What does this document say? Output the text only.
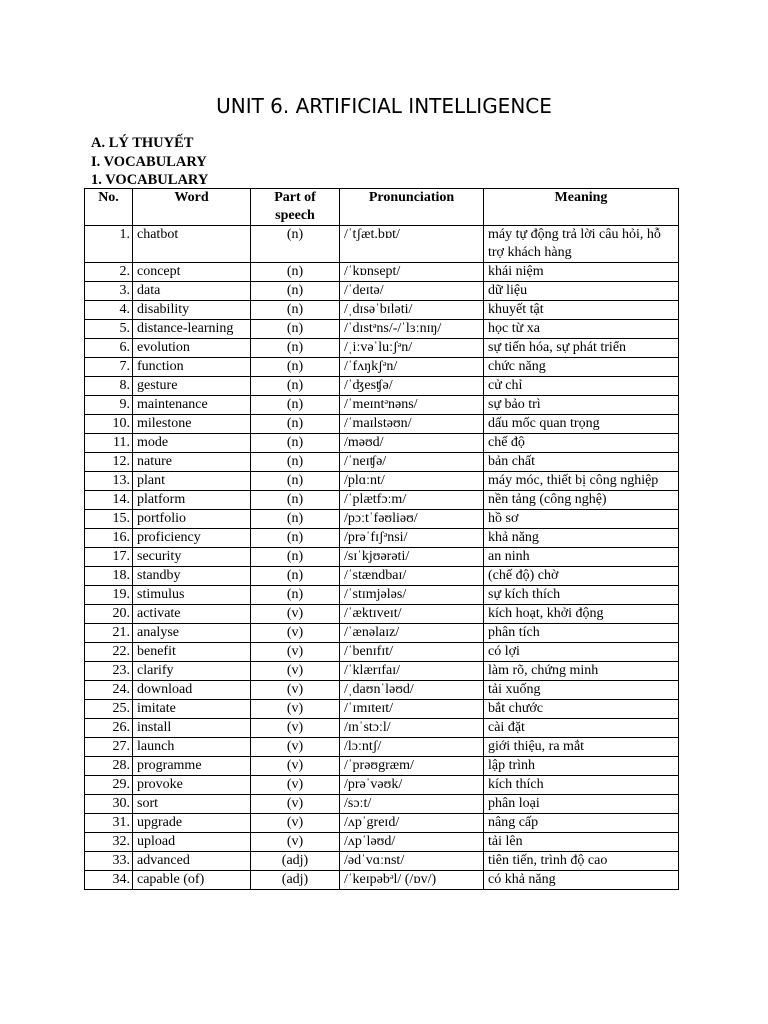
UNIT 6. ARTIFICIAL INTELLIGENCE
A. LÝ THUYẾT
I. VOCABULARY
1. VOCABULARY
No.	Word	Part of speech	Pronunciation	Meaning
1.	chatbot	(n)	/ˈtʃæt.bɒt/	máy tự động trả lời câu hỏi, hỗ trợ khách hàng
2.	concept	(n)	/ˈkɒnsept/	khái niệm
3.	data	(n)	/ˈdeɪtə/	dữ liệu
4.	disability	(n)	/ˌdɪsəˈbɪləti/	khuyết tật
5.	distance-learning	(n)	/ˈdɪstᵊns/-/ˈlɜːnɪŋ/	học từ xa
6.	evolution	(n)	/ˌiːvəˈluːʃᵊn/	sự tiến hóa, sự phát triển
7.	function	(n)	/ˈfʌŋkʃᵊn/	chức năng
8.	gesture	(n)	/ˈʤesʧə/	cử chỉ
9.	maintenance	(n)	/ˈmeɪntᵊnəns/	sự bảo trì
10.	milestone	(n)	/ˈmaɪlstəʊn/	dấu mốc quan trọng
11.	mode	(n)	/məʊd/	chế độ
12.	nature	(n)	/ˈneɪʧə/	bản chất
13.	plant	(n)	/plɑːnt/	máy móc, thiết bị công nghiệp
14.	platform	(n)	/ˈplætfɔːm/	nền tảng (công nghệ)
15.	portfolio	(n)	/pɔːtˈfəʊliəʊ/	hồ sơ
16.	proficiency	(n)	/prəˈfɪʃᵊnsi/	khả năng
17.	security	(n)	/sɪˈkjʊərəti/	an ninh
18.	standby	(n)	/ˈstændbaɪ/	(chế độ) chờ
19.	stimulus	(n)	/ˈstɪmjələs/	sự kích thích
20.	activate	(v)	/ˈæktɪveɪt/	kích hoạt, khởi động
21.	analyse	(v)	/ˈænəlaɪz/	phân tích
22.	benefit	(v)	/ˈbenɪfɪt/	có lợi
23.	clarify	(v)	/ˈklærɪfaɪ/	làm rõ, chứng minh
24.	download	(v)	/ˌdaʊnˈləʊd/	tải xuống
25.	imitate	(v)	/ˈɪmɪteɪt/	bắt chước
26.	install	(v)	/ɪnˈstɔːl/	cài đặt
27.	launch	(v)	/lɔːntʃ/	giới thiệu, ra mắt
28.	programme	(v)	/ˈprəʊgræm/	lập trình
29.	provoke	(v)	/prəˈvəʊk/	kích thích
30.	sort	(v)	/sɔːt/	phân loại
31.	upgrade	(v)	/ʌpˈgreɪd/	nâng cấp
32.	upload	(v)	/ʌpˈləʊd/	tải lên
33.	advanced	(adj)	/ədˈvɑːnst/	tiên tiến, trình độ cao
34.	capable (of)	(adj)	/ˈkeɪpəbᵊl/ (/ɒv/)	có khả năng
